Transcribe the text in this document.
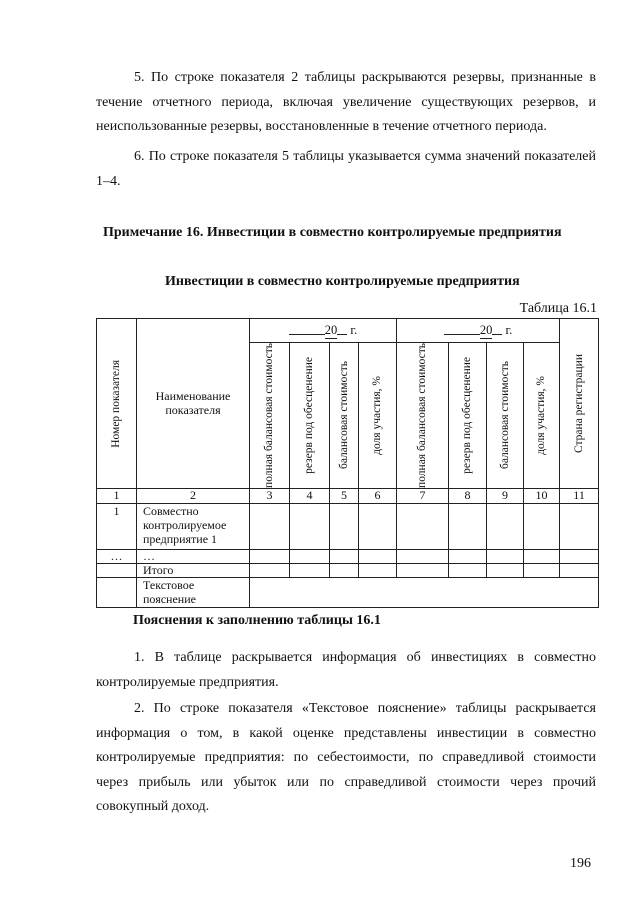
5. По строке показателя 2 таблицы раскрываются резервы, признанные в течение отчетного периода, включая увеличение существующих резервов, и неиспользованные резервы, восстановленные в течение отчетного периода.

6. По строке показателя 5 таблицы указывается сумма значений показателей 1–4.

Примечание 16. Инвестиции в совместно контролируемые предприятия

Инвестиции в совместно контролируемые предприятия

Таблица 16.1

Номер показателя	Наименование показателя	20 г.				20 г.				Страна регистрации

		полная балансовая стоимость	резерв под обесценение	балансовая стоимость	доля участия, %	полная балансовая стоимость	резерв под обесценение	балансовая стоимость	доля участия, %	

1	2	3	4	5	6	7	8	9	10	11
1	Совместно контролируемое предприятие 1									
…	…									
	Итого									
	Текстовое пояснение									

Пояснения к заполнению таблицы 16.1

1. В таблице раскрывается информация об инвестициях в совместно контролируемые предприятия.

2. По строке показателя «Текстовое пояснение» таблицы раскрывается информация о том, в какой оценке представлены инвестиции в совместно контролируемые предприятия: по себестоимости, по справедливой стоимости через прибыль или убыток или по справедливой стоимости через прочий совокупный доход.

196
